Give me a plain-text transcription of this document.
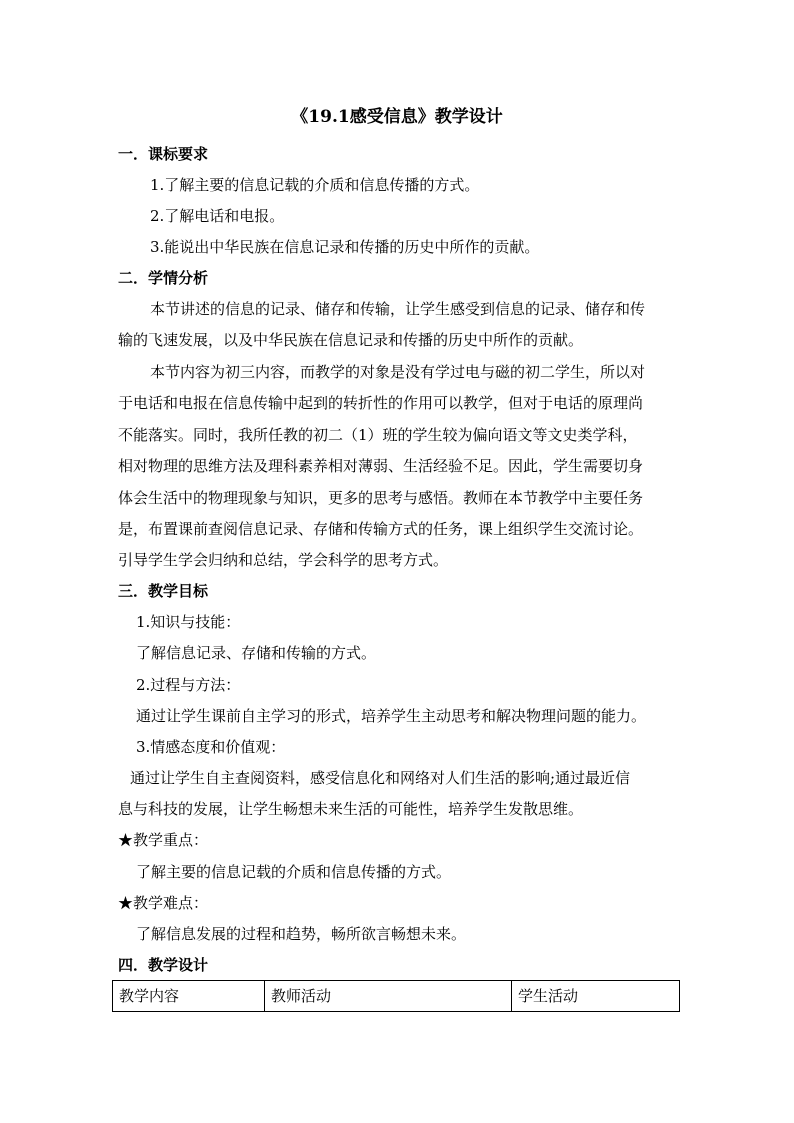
《19.1感受信息》教学设计
一．课标要求
1.了解主要的信息记载的介质和信息传播的方式。
2.了解电话和电报。
3.能说出中华民族在信息记录和传播的历史中所作的贡献。
二．学情分析
本节讲述的信息的记录、储存和传输，让学生感受到信息的记录、储存和传
输的飞速发展，以及中华民族在信息记录和传播的历史中所作的贡献。
本节内容为初三内容，而教学的对象是没有学过电与磁的初二学生，所以对
于电话和电报在信息传输中起到的转折性的作用可以教学，但对于电话的原理尚
不能落实。同时，我所任教的初二（1）班的学生较为偏向语文等文史类学科，
相对物理的思维方法及理科素养相对薄弱、生活经验不足。因此，学生需要切身
体会生活中的物理现象与知识，更多的思考与感悟。教师在本节教学中主要任务
是，布置课前查阅信息记录、存储和传输方式的任务，课上组织学生交流讨论。
引导学生学会归纳和总结，学会科学的思考方式。
三．教学目标
1.知识与技能：
了解信息记录、存储和传输的方式。
2.过程与方法：
通过让学生课前自主学习的形式，培养学生主动思考和解决物理问题的能力。
3.情感态度和价值观：
通过让学生自主查阅资料，感受信息化和网络对人们生活的影响;通过最近信
息与科技的发展，让学生畅想未来生活的可能性，培养学生发散思维。
★教学重点：
了解主要的信息记载的介质和信息传播的方式。
★教学难点：
了解信息发展的过程和趋势，畅所欲言畅想未来。
四．教学设计
教学内容	教师活动	学生活动
